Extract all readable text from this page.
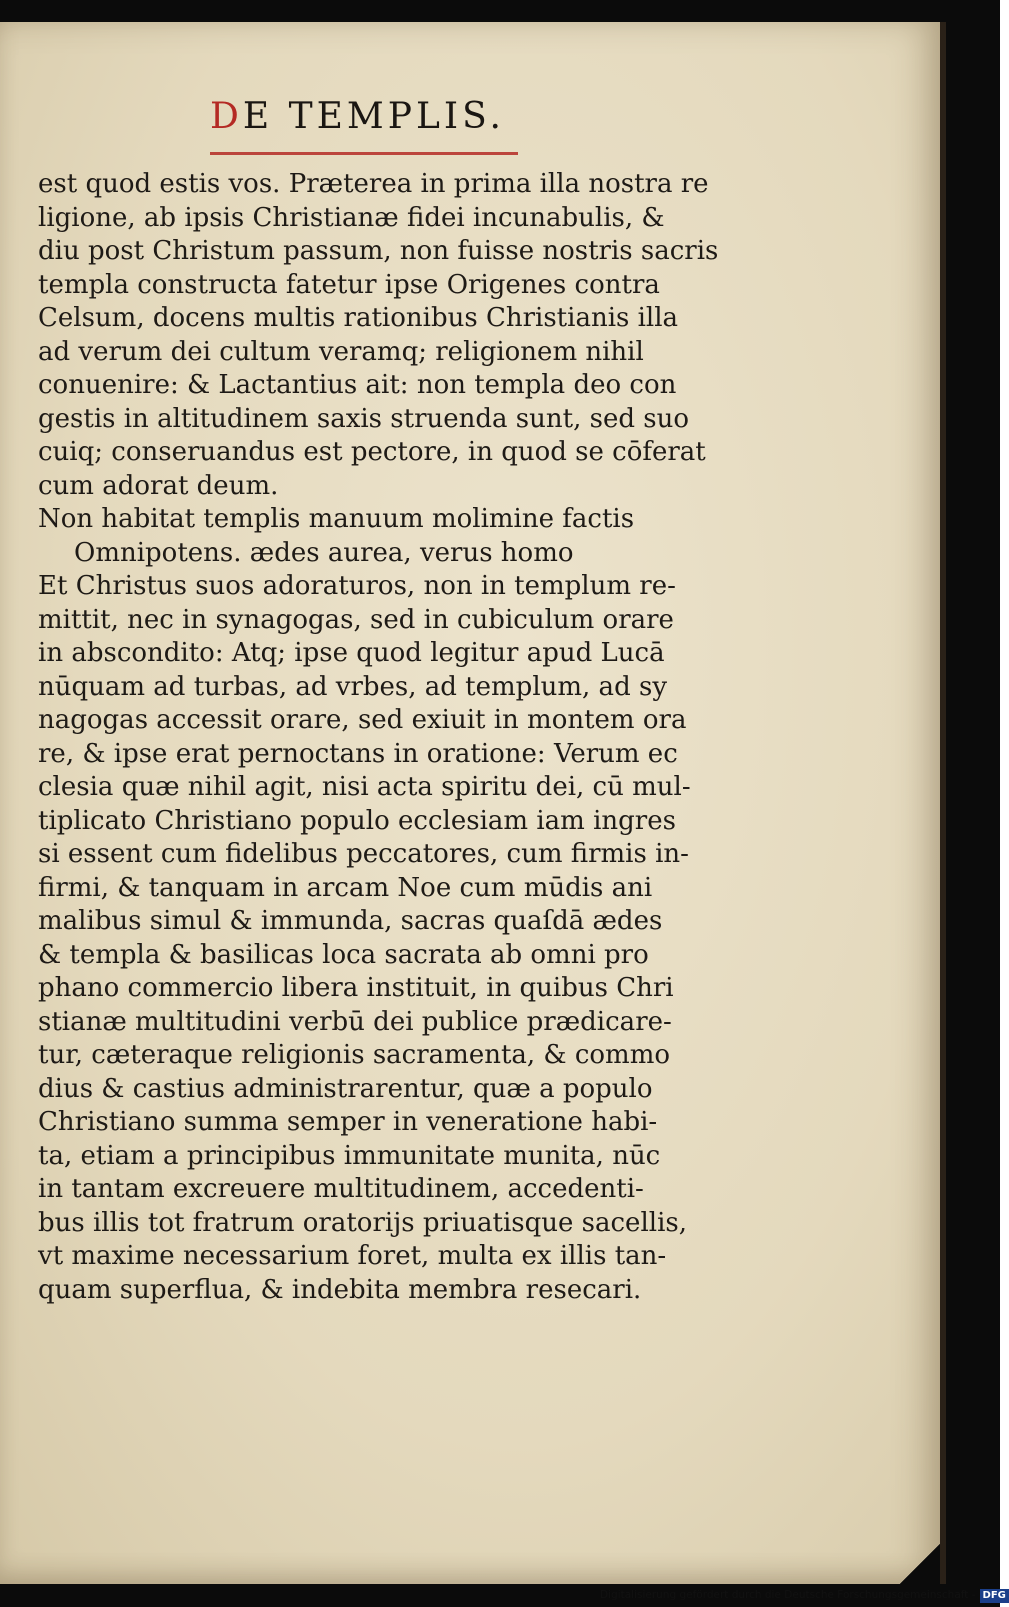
DE TEMPLIS.
est quod estis vos. Præterea in prima illa nostra re
ligione, ab ipsis Christianæ fidei incunabulis, &
diu post Christum passum, non fuisse nostris sacris
templa constructa fatetur ipse Origenes contra
Celsum, docens multis rationibus Christianis illa
ad verum dei cultum veramq; religionem nihil
conuenire: & Lactantius ait: non templa deo con
gestis in altitudinem saxis struenda sunt, sed suo
cuiq; conseruandus est pectore, in quod se cōferat
cum adorat deum.
Non habitat templis manuum molimine factis
Omnipotens. ædes aurea, verus homo
Et Christus suos adoraturos, non in templum re-
mittit, nec in synagogas, sed in cubiculum orare
in abscondito: Atq; ipse quod legitur apud Lucā
nūquam ad turbas, ad vrbes, ad templum, ad sy
nagogas accessit orare, sed exiuit in montem ora
re, & ipse erat pernoctans in oratione: Verum ec
clesia quæ nihil agit, nisi acta spiritu dei, cū mul-
tiplicato Christiano populo ecclesiam iam ingres
si essent cum fidelibus peccatores, cum firmis in-
firmi, & tanquam in arcam Noe cum mūdis ani
malibus simul & immunda, sacras quaſdā ædes
& templa & basilicas loca sacrata ab omni pro
phano commercio libera instituit, in quibus Chri
stianæ multitudini verbū dei publice prædicare-
tur, cæteraque religionis sacramenta, & commo
dius & castius administrarentur, quæ a populo
Christiano summa semper in veneratione habi-
ta, etiam a principibus immunitate munita, nūc
in tantam excreuere multitudinem, accedenti-
bus illis tot fratrum oratorijs priuatisque sacellis,
vt maxime necessarium foret, multa ex illis tan-
quam superflua, & indebita membra resecari.
Digitalisierung gefördert durch die Deutsche Forschungsgemeinschaft - DFG
